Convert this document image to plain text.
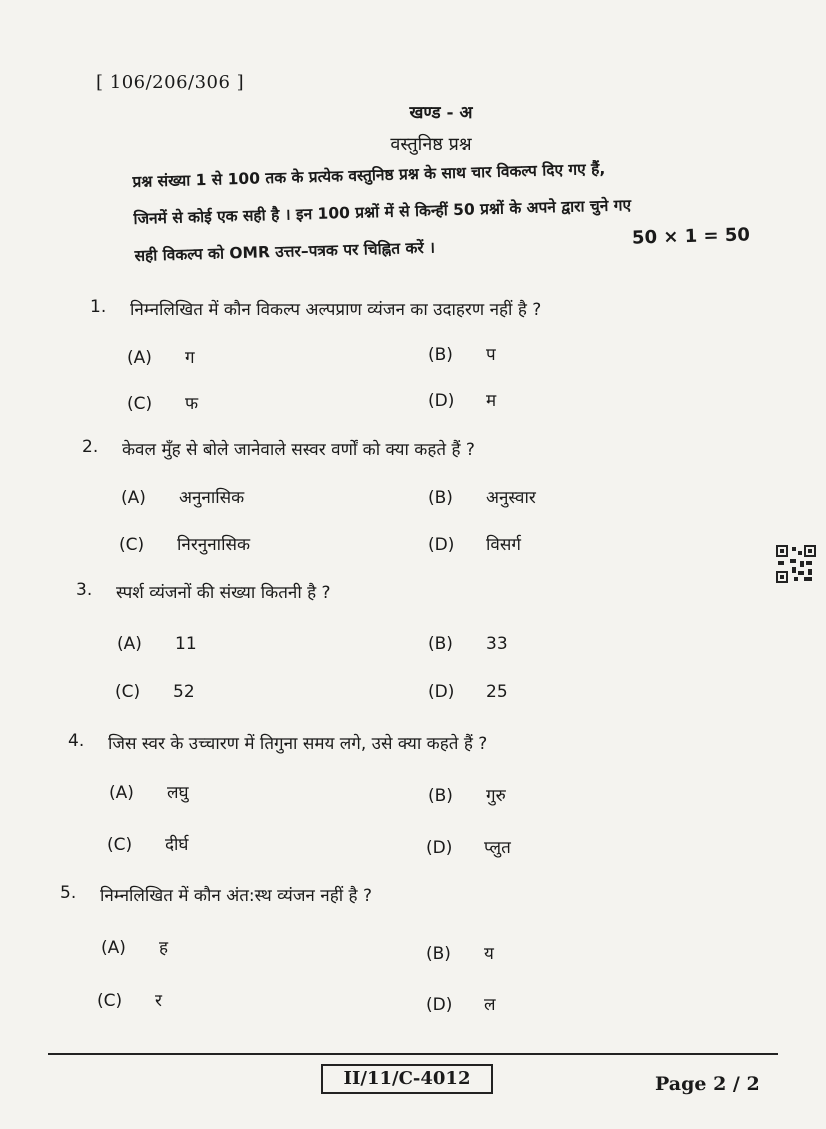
[ 106/206/306 ]
खण्ड - अ
वस्तुनिष्ठ प्रश्न

प्रश्न संख्या 1 से 100 तक के प्रत्येक वस्तुनिष्ठ प्रश्न के साथ चार विकल्प दिए गए हैं,

जिनमें से कोई एक सही है । इन 100 प्रश्नों में से किन्हीं 50 प्रश्नों के अपने द्वारा चुने गए

सही विकल्प को OMR उत्तर–पत्रक पर चिह्नित करें ।

50 × 1 = 50
1. निम्नलिखित में कौन विकल्प अल्पप्राण व्यंजन का उदाहरण नहीं है ?
(A) ग	(B) प
(C) फ	(D) म
2. केवल मुँह से बोले जानेवाले सस्वर वर्णों को क्या कहते हैं ?
(A) अनुनासिक	(B) अनुस्वार
(C) निरनुनासिक	(D) विसर्ग
3. स्पर्श व्यंजनों की संख्या कितनी है ?
(A) 11	(B) 33
(C) 52	(D) 25
4. जिस स्वर के उच्चारण में तिगुना समय लगे, उसे क्या कहते हैं ?
(A) लघु	(B) गुरु
(C) दीर्घ	(D) प्लुत
5. निम्नलिखित में कौन अंत:स्थ व्यंजन नहीं है ?
(A) ह	(B) य
(C) र	(D) ल
II/11/C-4012	Page 2 / 2
